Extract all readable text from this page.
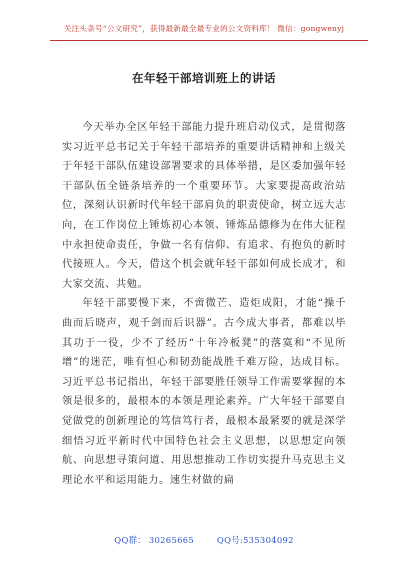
关注头条号“公文研究”，获得最新最全最专业的公文资料库！ 微信：gongwenyj
在年轻干部培训班上的讲话

今天举办全区年轻干部能力提升班启动仪式，是贯彻落实习近平总书记关于年轻干部培养的重要讲话精神和上级关于年轻干部队伍建设部署要求的具体举措，是区委加强年轻干部队伍全链条培养的一个重要环节。大家要提高政治站位，深刻认识新时代年轻干部肩负的职责使命，树立远大志向，在工作岗位上锤炼初心本领、锤炼品德修为在伟大征程中永担使命责任，争做一名有信仰、有追求、有抱负的新时代接班人。今天，借这个机会就年轻干部如何成长成才，和大家交流、共勉。

年轻干部要慢下来，不啻微芒、造炬成阳，才能“操千曲而后晓声，观千剑而后识器”。古今成大事者，都难以毕其功于一役，少不了经历“十年冷板凳”的落寞和“不见所增”的迷茫，唯有恒心和韧劲能战胜千难万险，达成目标。习近平总书记指出，年轻干部要胜任领导工作需要掌握的本领是很多的，最根本的本领是理论素养。广大年轻干部要自觉做党的创新理论的笃信笃行者，最根本最紧要的就是深学细悟习近平新时代中国特色社会主义思想，以思想定向领航、向思想寻策问道、用思想推动工作切实提升马克思主义理论水平和运用能力。速生材做的扁

QQ群： 30265665	QQ号:535304092
